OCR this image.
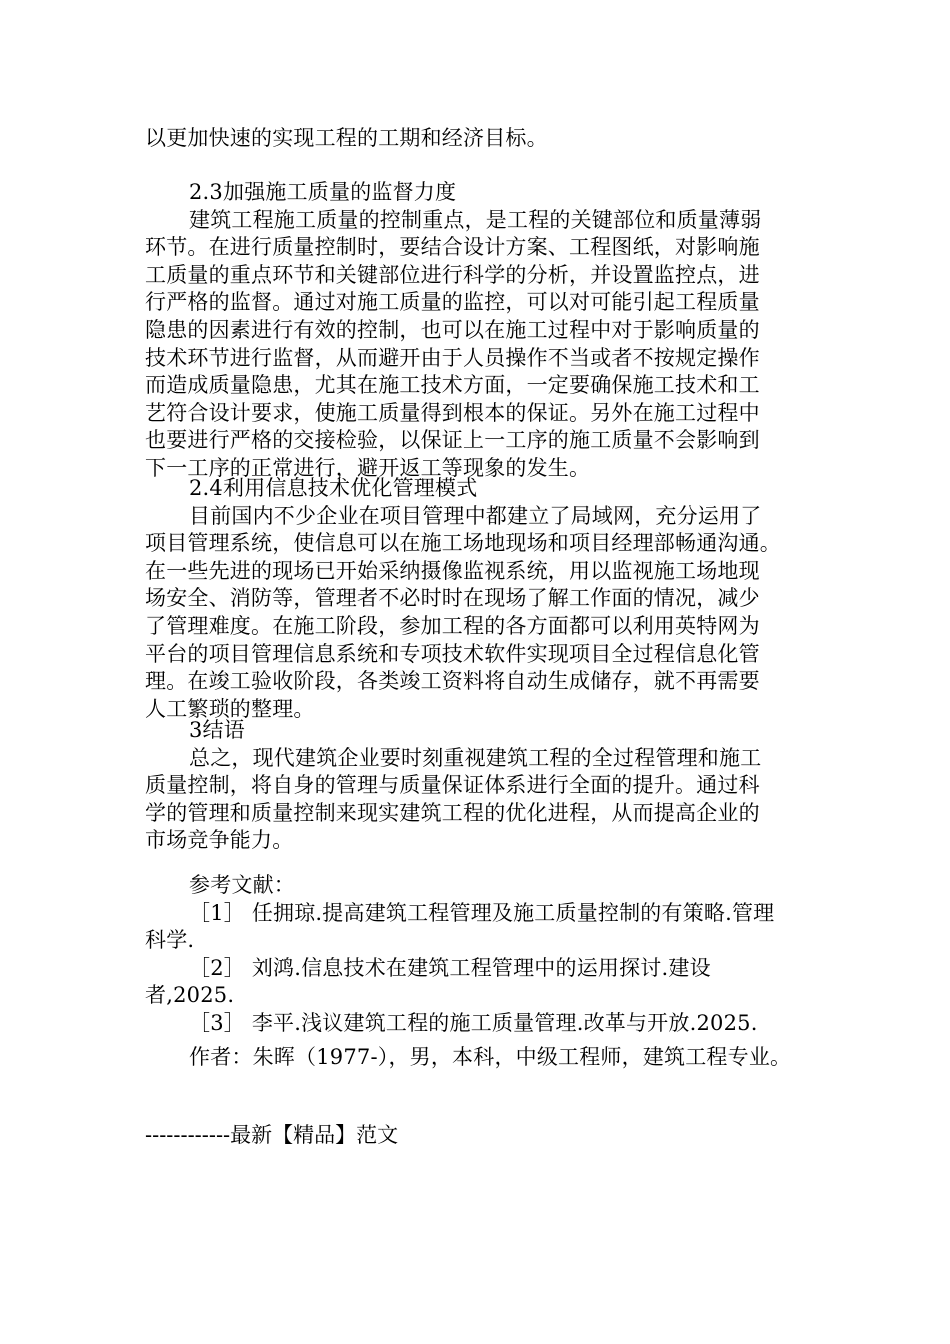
以更加快速的实现工程的工期和经济目标。

2.3加强施工质量的监督力度

建筑工程施工质量的控制重点，是工程的关键部位和质量薄弱

环节。在进行质量控制时，要结合设计方案、工程图纸，对影响施

工质量的重点环节和关键部位进行科学的分析，并设置监控点，进

行严格的监督。通过对施工质量的监控，可以对可能引起工程质量

隐患的因素进行有效的控制，也可以在施工过程中对于影响质量的

技术环节进行监督，从而避开由于人员操作不当或者不按规定操作

而造成质量隐患，尤其在施工技术方面，一定要确保施工技术和工

艺符合设计要求，使施工质量得到根本的保证。另外在施工过程中

也要进行严格的交接检验，以保证上一工序的施工质量不会影响到

下一工序的正常进行，避开返工等现象的发生。

2.4利用信息技术优化管理模式

目前国内不少企业在项目管理中都建立了局域网，充分运用了

项目管理系统，使信息可以在施工场地现场和项目经理部畅通沟通。

在一些先进的现场已开始采纳摄像监视系统，用以监视施工场地现

场安全、消防等，管理者不必时时在现场了解工作面的情况，减少

了管理难度。在施工阶段，参加工程的各方面都可以利用英特网为

平台的项目管理信息系统和专项技术软件实现项目全过程信息化管

理。在竣工验收阶段，各类竣工资料将自动生成储存，就不再需要

人工繁琐的整理。

3结语

总之，现代建筑企业要时刻重视建筑工程的全过程管理和施工

质量控制，将自身的管理与质量保证体系进行全面的提升。通过科

学的管理和质量控制来现实建筑工程的优化进程，从而提高企业的

市场竞争能力。

参考文献：

［1］ 任拥琼.提高建筑工程管理及施工质量控制的有策略.管理

科学.

［2］ 刘鸿.信息技术在建筑工程管理中的运用探讨.建设

者,2025.

［3］ 李平.浅议建筑工程的施工质量管理.改革与开放.2025.

作者：朱晖（1977-），男，本科，中级工程师，建筑工程专业。

------------最新【精品】范文
